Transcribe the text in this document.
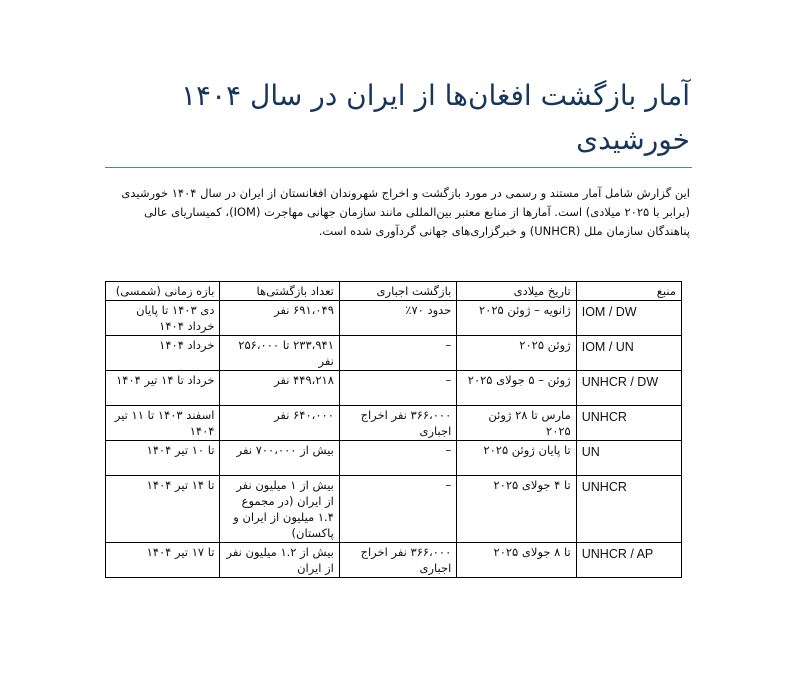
آمار بازگشت افغان‌ها از ایران در سال ۱۴۰۴ خورشیدی

این گزارش شامل آمار مستند و رسمی در مورد بازگشت و اخراج شهروندان افغانستان از ایران در سال ۱۴۰۴ خورشیدی (برابر با ۲۰۲۵ میلادی) است. آمارها از منابع معتبر بین‌المللی مانند سازمان جهانی مهاجرت (IOM)، کمیساریای عالی پناهندگان سازمان ملل (UNHCR) و خبرگزاری‌های جهانی گردآوری شده است.

منبع	تاریخ میلادی	بازگشت اجباری	تعداد بازگشتی‌ها	بازه زمانی (شمسی)
IOM / DW	ژانویه – ژوئن ۲۰۲۵	حدود ۷۰٪	۶۹۱،۰۴۹ نفر	دی ۱۴۰۳ تا پایان خرداد ۱۴۰۴
IOM / UN	ژوئن ۲۰۲۵	–	۲۳۳،۹۴۱ تا ۲۵۶،۰۰۰ نفر	خرداد ۱۴۰۴
UNHCR / DW	ژوئن – ۵ جولای ۲۰۲۵	–	۴۴۹،۲۱۸ نفر	خرداد تا ۱۴ تیر ۱۴۰۴
UNHCR	مارس تا ۲۸ ژوئن ۲۰۲۵	۳۶۶،۰۰۰ نفر اخراج اجباری	۶۴۰،۰۰۰ نفر	اسفند ۱۴۰۳ تا ۱۱ تیر ۱۴۰۴
UN	تا پایان ژوئن ۲۰۲۵	–	بیش از ۷۰۰،۰۰۰ نفر	تا ۱۰ تیر ۱۴۰۴
UNHCR	تا ۴ جولای ۲۰۲۵	–	بیش از ۱ میلیون نفر از ایران (در مجموع ۱.۴ میلیون از ایران و پاکستان)	تا ۱۴ تیر ۱۴۰۴
UNHCR / AP	تا ۸ جولای ۲۰۲۵	۳۶۶،۰۰۰ نفر اخراج اجباری	بیش از ۱.۲ میلیون نفر از ایران	تا ۱۷ تیر ۱۴۰۴
